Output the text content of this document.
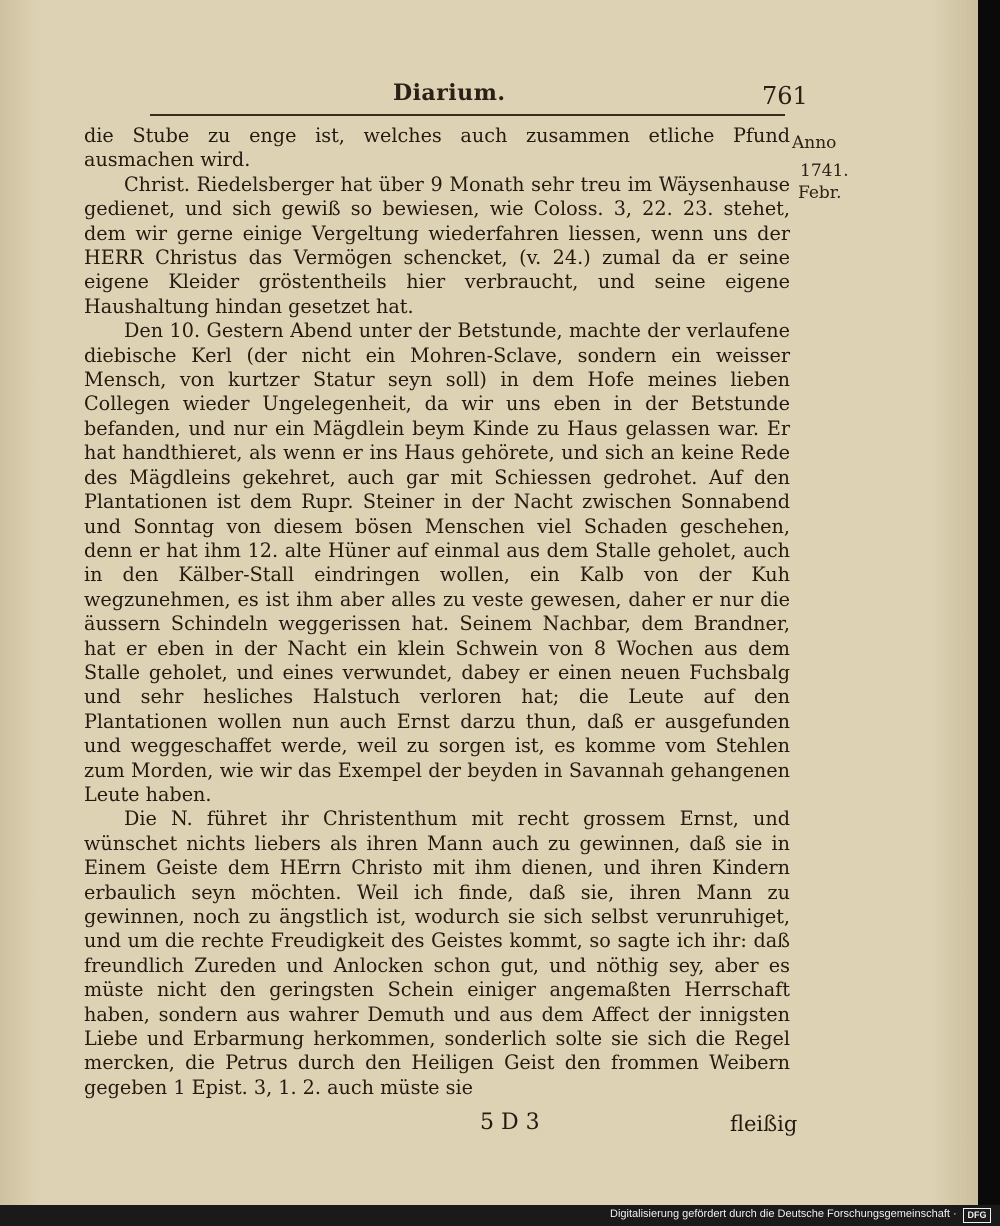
Diarium.	761
Anno
1741.
Febr.

die Stube zu enge ist, welches auch zusammen etliche Pfund ausmachen wird.

Christ. Riedelsberger hat über 9 Monath sehr treu im Wäysenhause gedienet, und sich gewiß so bewiesen, wie Coloss. 3, 22. 23. stehet, dem wir gerne einige Vergeltung wiederfahren liessen, wenn uns der HERR Christus das Vermögen schencket, (v. 24.) zumal da er seine eigene Kleider gröstentheils hier verbraucht, und seine eigene Haushaltung hindan gesetzet hat.

Den 10. Gestern Abend unter der Betstunde, machte der verlaufene diebische Kerl (der nicht ein Mohren-Sclave, sondern ein weisser Mensch, von kurtzer Statur seyn soll) in dem Hofe meines lieben Collegen wieder Ungelegenheit, da wir uns eben in der Betstunde befanden, und nur ein Mägdlein beym Kinde zu Haus gelassen war. Er hat handthieret, als wenn er ins Haus gehörete, und sich an keine Rede des Mägdleins gekehret, auch gar mit Schiessen gedrohet. Auf den Plantationen ist dem Rupr. Steiner in der Nacht zwischen Sonnabend und Sonntag von diesem bösen Menschen viel Schaden geschehen, denn er hat ihm 12. alte Hüner auf einmal aus dem Stalle geholet, auch in den Kälber-Stall eindringen wollen, ein Kalb von der Kuh wegzunehmen, es ist ihm aber alles zu veste gewesen, daher er nur die äussern Schindeln weggerissen hat. Seinem Nachbar, dem Brandner, hat er eben in der Nacht ein klein Schwein von 8 Wochen aus dem Stalle geholet, und eines verwundet, dabey er einen neuen Fuchsbalg und sehr hesliches Halstuch verloren hat; die Leute auf den Plantationen wollen nun auch Ernst darzu thun, daß er ausgefunden und weggeschaffet werde, weil zu sorgen ist, es komme vom Stehlen zum Morden, wie wir das Exempel der beyden in Savannah gehangenen Leute haben.

Die N. führet ihr Christenthum mit recht grossem Ernst, und wünschet nichts liebers als ihren Mann auch zu gewinnen, daß sie in Einem Geiste dem HErrn Christo mit ihm dienen, und ihren Kindern erbaulich seyn möchten. Weil ich finde, daß sie, ihren Mann zu gewinnen, noch zu ängstlich ist, wodurch sie sich selbst verunruhiget, und um die rechte Freudigkeit des Geistes kommt, so sagte ich ihr: daß freundlich Zureden und Anlocken schon gut, und nöthig sey, aber es müste nicht den geringsten Schein einiger angemaßten Herrschaft haben, sondern aus wahrer Demuth und aus dem Affect der innigsten Liebe und Erbarmung herkommen, sonderlich solte sie sich die Regel mercken, die Petrus durch den Heiligen Geist den frommen Weibern gegeben 1 Epist. 3, 1. 2. auch müste sie

5 D 3	fleißig
Digitalisierung gefördert durch die Deutsche Forschungsgemeinschaft ·	DFG
